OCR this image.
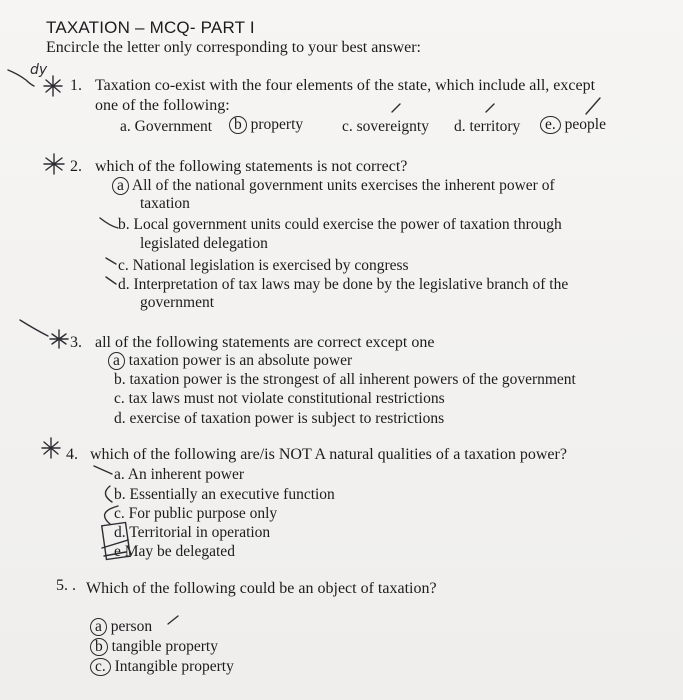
TAXATION – MCQ- PART I
Encircle the letter only corresponding to your best answer:
1. Taxation co-exist with the four elements of the state, which include all, except
one of the following:
a. Government	b property	c. sovereignty d. territory	e. people
2. which of the following statements is not correct?
a All of the national government units exercises the inherent power of
taxation
b. Local government units could exercise the power of taxation through
legislated delegation
c. National legislation is exercised by congress
d. Interpretation of tax laws may be done by the legislative branch of the
government
3. all of the following statements are correct except one
a taxation power is an absolute power
b. taxation power is the strongest of all inherent powers of the government
c. tax laws must not violate constitutional restrictions
d. exercise of taxation power is subject to restrictions
4. which of the following are/is NOT A natural qualities of a taxation power?
a. An inherent power
b. Essentially an executive function
c. For public purpose only
d. Territorial in operation
e May be delegated
5. . Which of the following could be an object of taxation?
a person
b tangible property
c. Intangible property
dy
